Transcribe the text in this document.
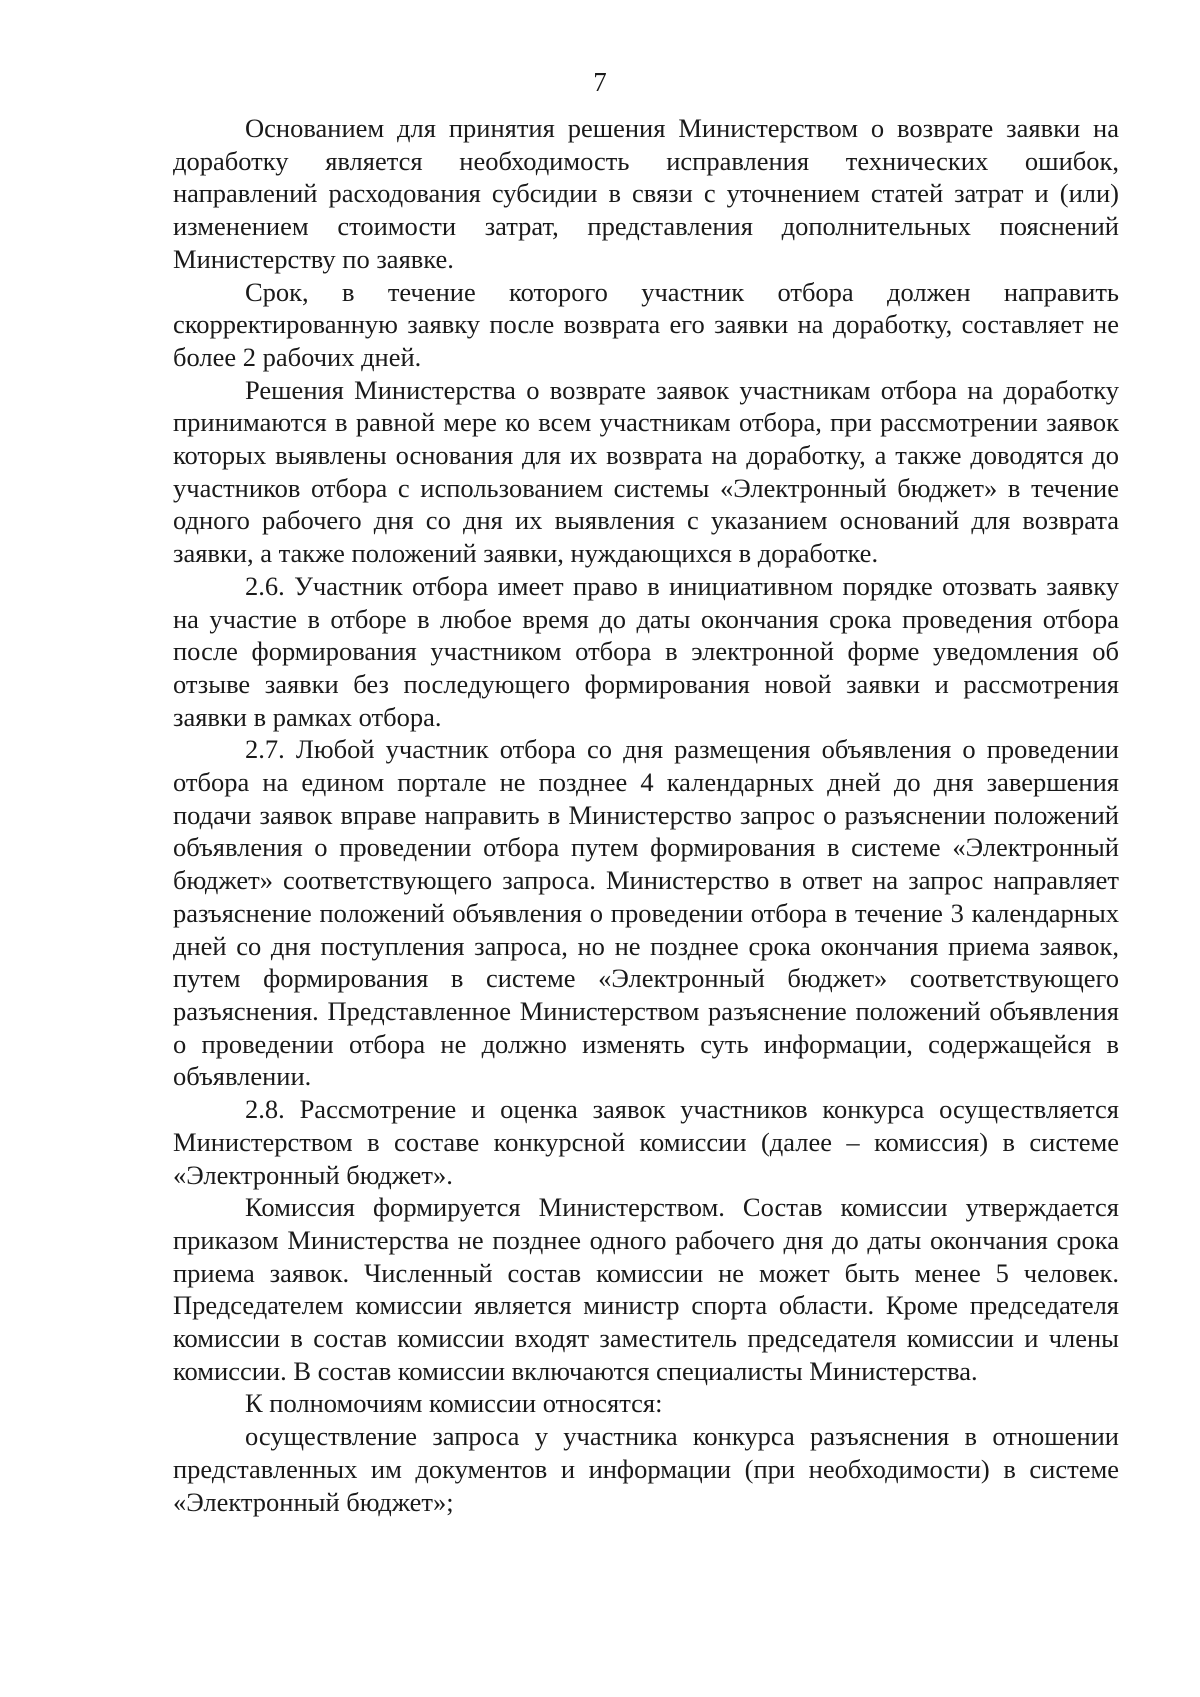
7

Основанием для принятия решения Министерством о возврате заявки на доработку является необходимость исправления технических ошибок, направлений расходования субсидии в связи с уточнением статей затрат и (или) изменением стоимости затрат, представления дополнительных пояснений Министерству по заявке.

Срок, в течение которого участник отбора должен направить скорректированную заявку после возврата его заявки на доработку, составляет не более 2 рабочих дней.

Решения Министерства о возврате заявок участникам отбора на доработку принимаются в равной мере ко всем участникам отбора, при рассмотрении заявок которых выявлены основания для их возврата на доработку, а также доводятся до участников отбора с использованием системы «Электронный бюджет» в течение одного рабочего дня со дня их выявления с указанием оснований для возврата заявки, а также положений заявки, нуждающихся в доработке.

2.6. Участник отбора имеет право в инициативном порядке отозвать заявку на участие в отборе в любое время до даты окончания срока проведения отбора после формирования участником отбора в электронной форме уведомления об отзыве заявки без последующего формирования новой заявки и рассмотрения заявки в рамках отбора.

2.7. Любой участник отбора со дня размещения объявления о проведении отбора на едином портале не позднее 4 календарных дней до дня завершения подачи заявок вправе направить в Министерство запрос о разъяснении положений объявления о проведении отбора путем формирования в системе «Электронный бюджет» соответствующего запроса. Министерство в ответ на запрос направляет разъяснение положений объявления о проведении отбора в течение 3 календарных дней со дня поступления запроса, но не позднее срока окончания приема заявок, путем формирования в системе «Электронный бюджет» соответствующего разъяснения. Представленное Министерством разъяснение положений объявления о проведении отбора не должно изменять суть информации, содержащейся в объявлении.

2.8. Рассмотрение и оценка заявок участников конкурса осуществляется Министерством в составе конкурсной комиссии (далее – комиссия) в системе «Электронный бюджет».

Комиссия формируется Министерством. Состав комиссии утверждается приказом Министерства не позднее одного рабочего дня до даты окончания срока приема заявок. Численный состав комиссии не может быть менее 5 человек. Председателем комиссии является министр спорта области. Кроме председателя комиссии в состав комиссии входят заместитель председателя комиссии и члены комиссии. В состав комиссии включаются специалисты Министерства.

К полномочиям комиссии относятся:

осуществление запроса у участника конкурса разъяснения в отношении представленных им документов и информации (при необходимости) в системе «Электронный бюджет»;
